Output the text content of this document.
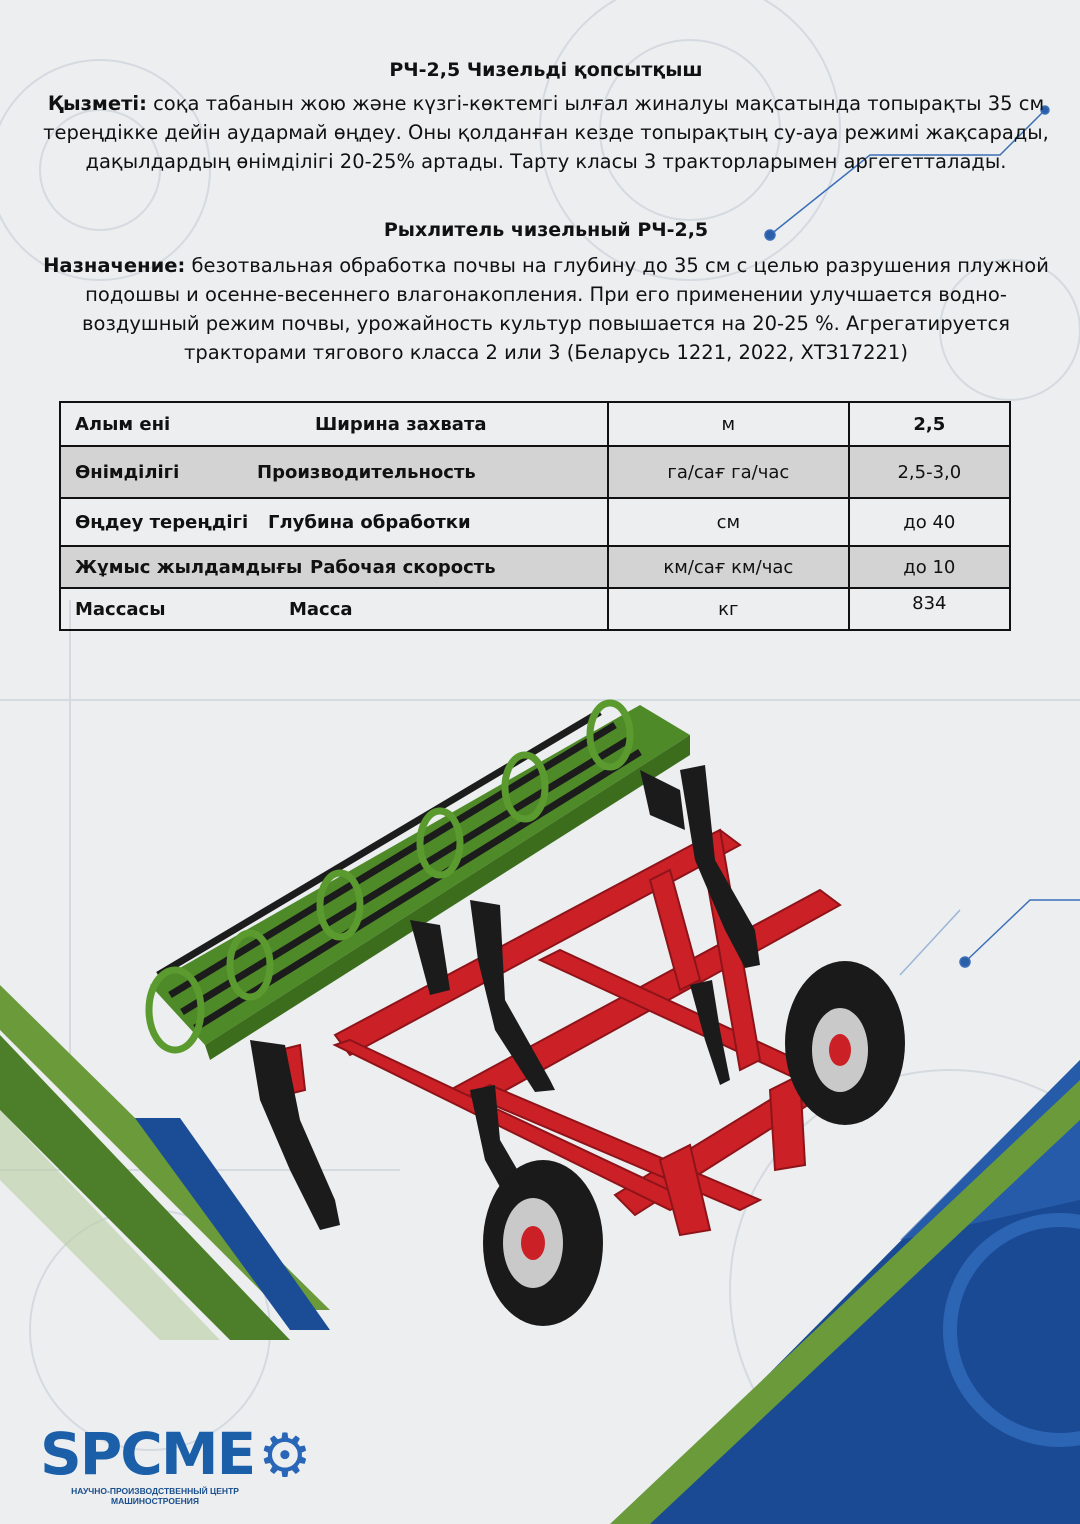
РЧ-2,5 Чизельді қопсытқыш
Қызметі: соқа табанын жою және күзгі-көктемгі ылғал жиналуы мақсатында топырақты 35 см тереңдікке дейін аудармай өңдеу. Оны қолданған кезде топырақтың су-ауа режимі жақсарады, дақылдардың өнімділігі 20-25% артады. Тарту класы 3 тракторларымен аргегетталады.
Рыхлитель чизельный РЧ-2,5
Назначение: безотвальная обработка почвы на глубину до 35 см с целью разрушения плужной подошвы и осенне-весеннего влагонакопления. При его применении улучшается водно-воздушный режим почвы, урожайность культур повышается на 20-25 %. Агрегатируется тракторами тягового класса 2 или 3 (Беларусь 1221, 2022, ХТЗ17221)
Алым ені Ширина захвата	м	2,5
Өнімділігі Производительность	га/сағ га/час	2,5-3,0
Өңдеу тереңдігі Глубина обработки	см	до 40
Жұмыс жылдамдығы Рабочая скорость	км/сағ км/час	до 10
Массасы Масса	кг	834
SPCME ⚙
НАУЧНО-ПРОИЗВОДСТВЕННЫЙ ЦЕНТР
МАШИНОСТРОЕНИЯ
